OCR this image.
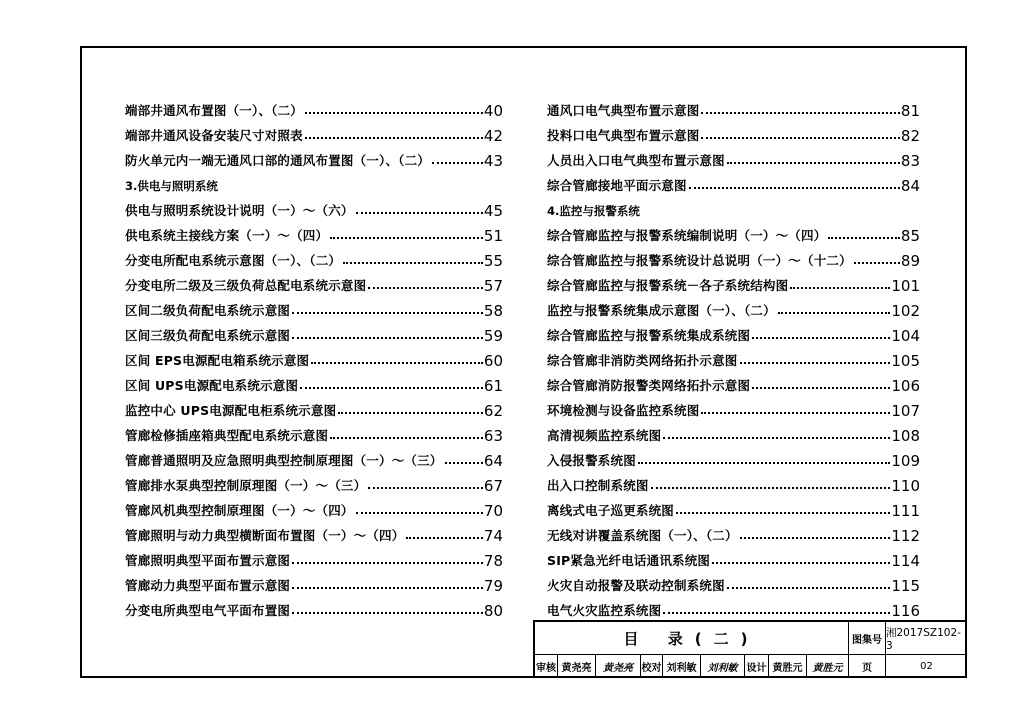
端部井通风布置图（一）、（二）	40
端部井通风设备安装尺寸对照表	42
防火单元内一端无通风口部的通风布置图（一）、（二）	43
3.供电与照明系统
供电与照明系统设计说明（一）～（六）	45
供电系统主接线方案（一）～（四）	51
分变电所配电系统示意图（一）、（二）	55
分变电所二级及三级负荷总配电系统示意图	57
区间二级负荷配电系统示意图	58
区间三级负荷配电系统示意图	59
区间 EPS电源配电箱系统示意图	60
区间 UPS电源配电系统示意图	61
监控中心 UPS电源配电柜系统示意图	62
管廊检修插座箱典型配电系统示意图	63
管廊普通照明及应急照明典型控制原理图（一）～（三）	64
管廊排水泵典型控制原理图（一）～（三）	67
管廊风机典型控制原理图（一）～（四）	70
管廊照明与动力典型横断面布置图（一）～（四）	74
管廊照明典型平面布置示意图	78
管廊动力典型平面布置示意图	79
分变电所典型电气平面布置图	80
通风口电气典型布置示意图	81
投料口电气典型布置示意图	82
人员出入口电气典型布置示意图	83
综合管廊接地平面示意图	84
4.监控与报警系统
综合管廊监控与报警系统编制说明（一）～（四）	85
综合管廊监控与报警系统设计总说明（一）～（十二）	89
综合管廊监控与报警系统－各子系统结构图	101
监控与报警系统集成示意图（一）、（二）	102
综合管廊监控与报警系统集成系统图	104
综合管廊非消防类网络拓扑示意图	105
综合管廊消防报警类网络拓扑示意图	106
环境检测与设备监控系统图	107
高清视频监控系统图	108
入侵报警系统图	109
出入口控制系统图	110
离线式电子巡更系统图	111
无线对讲覆盖系统图（一）、（二）	112
SIP紧急光纤电话通讯系统图	114
火灾自动报警及联动控制系统图	115
电气火灾监控系统图	116
目 录(二)	图集号
湘2017SZ102-3
审核 黄尧亮	黄尧亮 校对 刘利敏	刘利敏 设计 黄胜元	黄胜元	页	02
